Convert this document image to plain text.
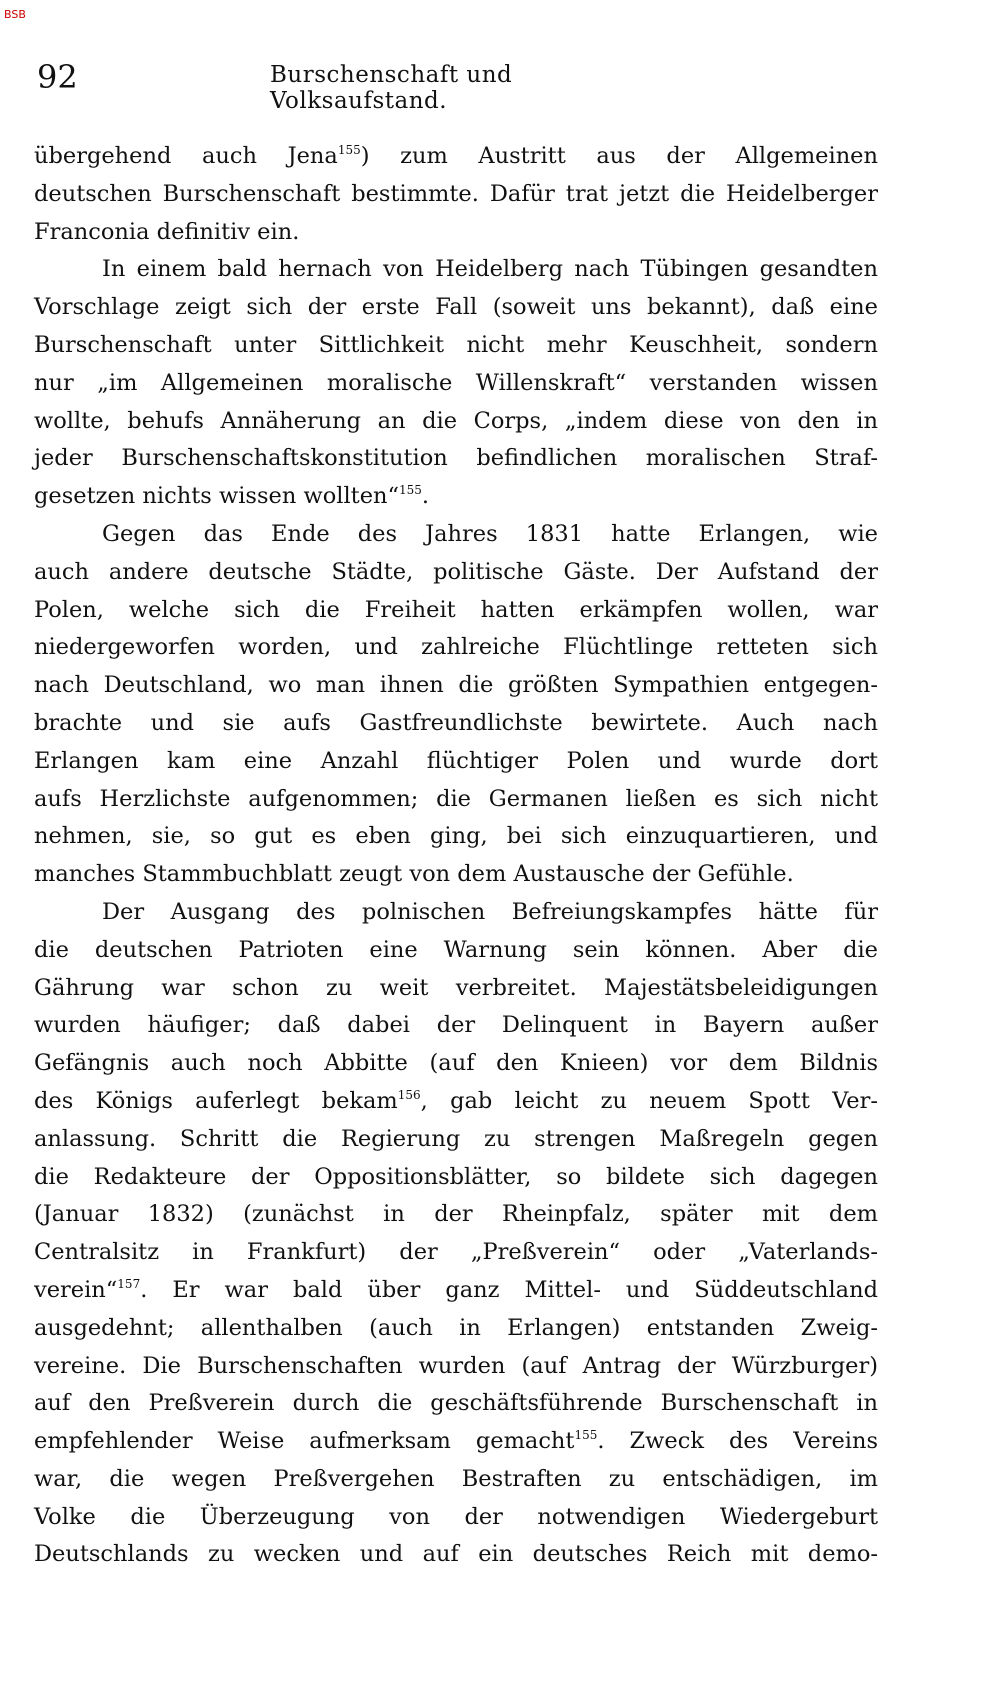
BSB
92	Burschenschaft und Volksaufstand.
übergehend auch Jena$^{155}$) zum Austritt aus der Allgemeinen
deutschen Burschenschaft bestimmte. Dafür trat jetzt die Heidelberger
Franconia definitiv ein.
In einem bald hernach von Heidelberg nach Tübingen gesandten
Vorschlage zeigt sich der erste Fall (soweit uns bekannt), daß eine
Burschenschaft unter Sittlichkeit nicht mehr Keuschheit, sondern
nur „im Allgemeinen moralische Willenskraft“ verstanden wissen
wollte, behufs Annäherung an die Corps, „indem diese von den in
jeder Burschenschaftskonstitution befindlichen moralischen Straf-
gesetzen nichts wissen wollten“$^{155}$.
Gegen das Ende des Jahres 1831 hatte Erlangen, wie
auch andere deutsche Städte, politische Gäste. Der Aufstand der
Polen, welche sich die Freiheit hatten erkämpfen wollen, war
niedergeworfen worden, und zahlreiche Flüchtlinge retteten sich
nach Deutschland, wo man ihnen die größten Sympathien entgegen-
brachte und sie aufs Gastfreundlichste bewirtete. Auch nach
Erlangen kam eine Anzahl flüchtiger Polen und wurde dort
aufs Herzlichste aufgenommen; die Germanen ließen es sich nicht
nehmen, sie, so gut es eben ging, bei sich einzuquartieren, und
manches Stammbuchblatt zeugt von dem Austausche der Gefühle.
Der Ausgang des polnischen Befreiungskampfes hätte für
die deutschen Patrioten eine Warnung sein können. Aber die
Gährung war schon zu weit verbreitet. Majestätsbeleidigungen
wurden häufiger; daß dabei der Delinquent in Bayern außer
Gefängnis auch noch Abbitte (auf den Knieen) vor dem Bildnis
des Königs auferlegt bekam$^{156}$, gab leicht zu neuem Spott Ver-
anlassung. Schritt die Regierung zu strengen Maßregeln gegen
die Redakteure der Oppositionsblätter, so bildete sich dagegen
(Januar 1832) (zunächst in der Rheinpfalz, später mit dem
Centralsitz in Frankfurt) der „Preßverein“ oder „Vaterlands-
verein“$^{157}$. Er war bald über ganz Mittel- und Süddeutschland
ausgedehnt; allenthalben (auch in Erlangen) entstanden Zweig-
vereine. Die Burschenschaften wurden (auf Antrag der Würzburger)
auf den Preßverein durch die geschäftsführende Burschenschaft in
empfehlender Weise aufmerksam gemacht$^{155}$. Zweck des Vereins
war, die wegen Preßvergehen Bestraften zu entschädigen, im
Volke die Überzeugung von der notwendigen Wiedergeburt
Deutschlands zu wecken und auf ein deutsches Reich mit demo-
